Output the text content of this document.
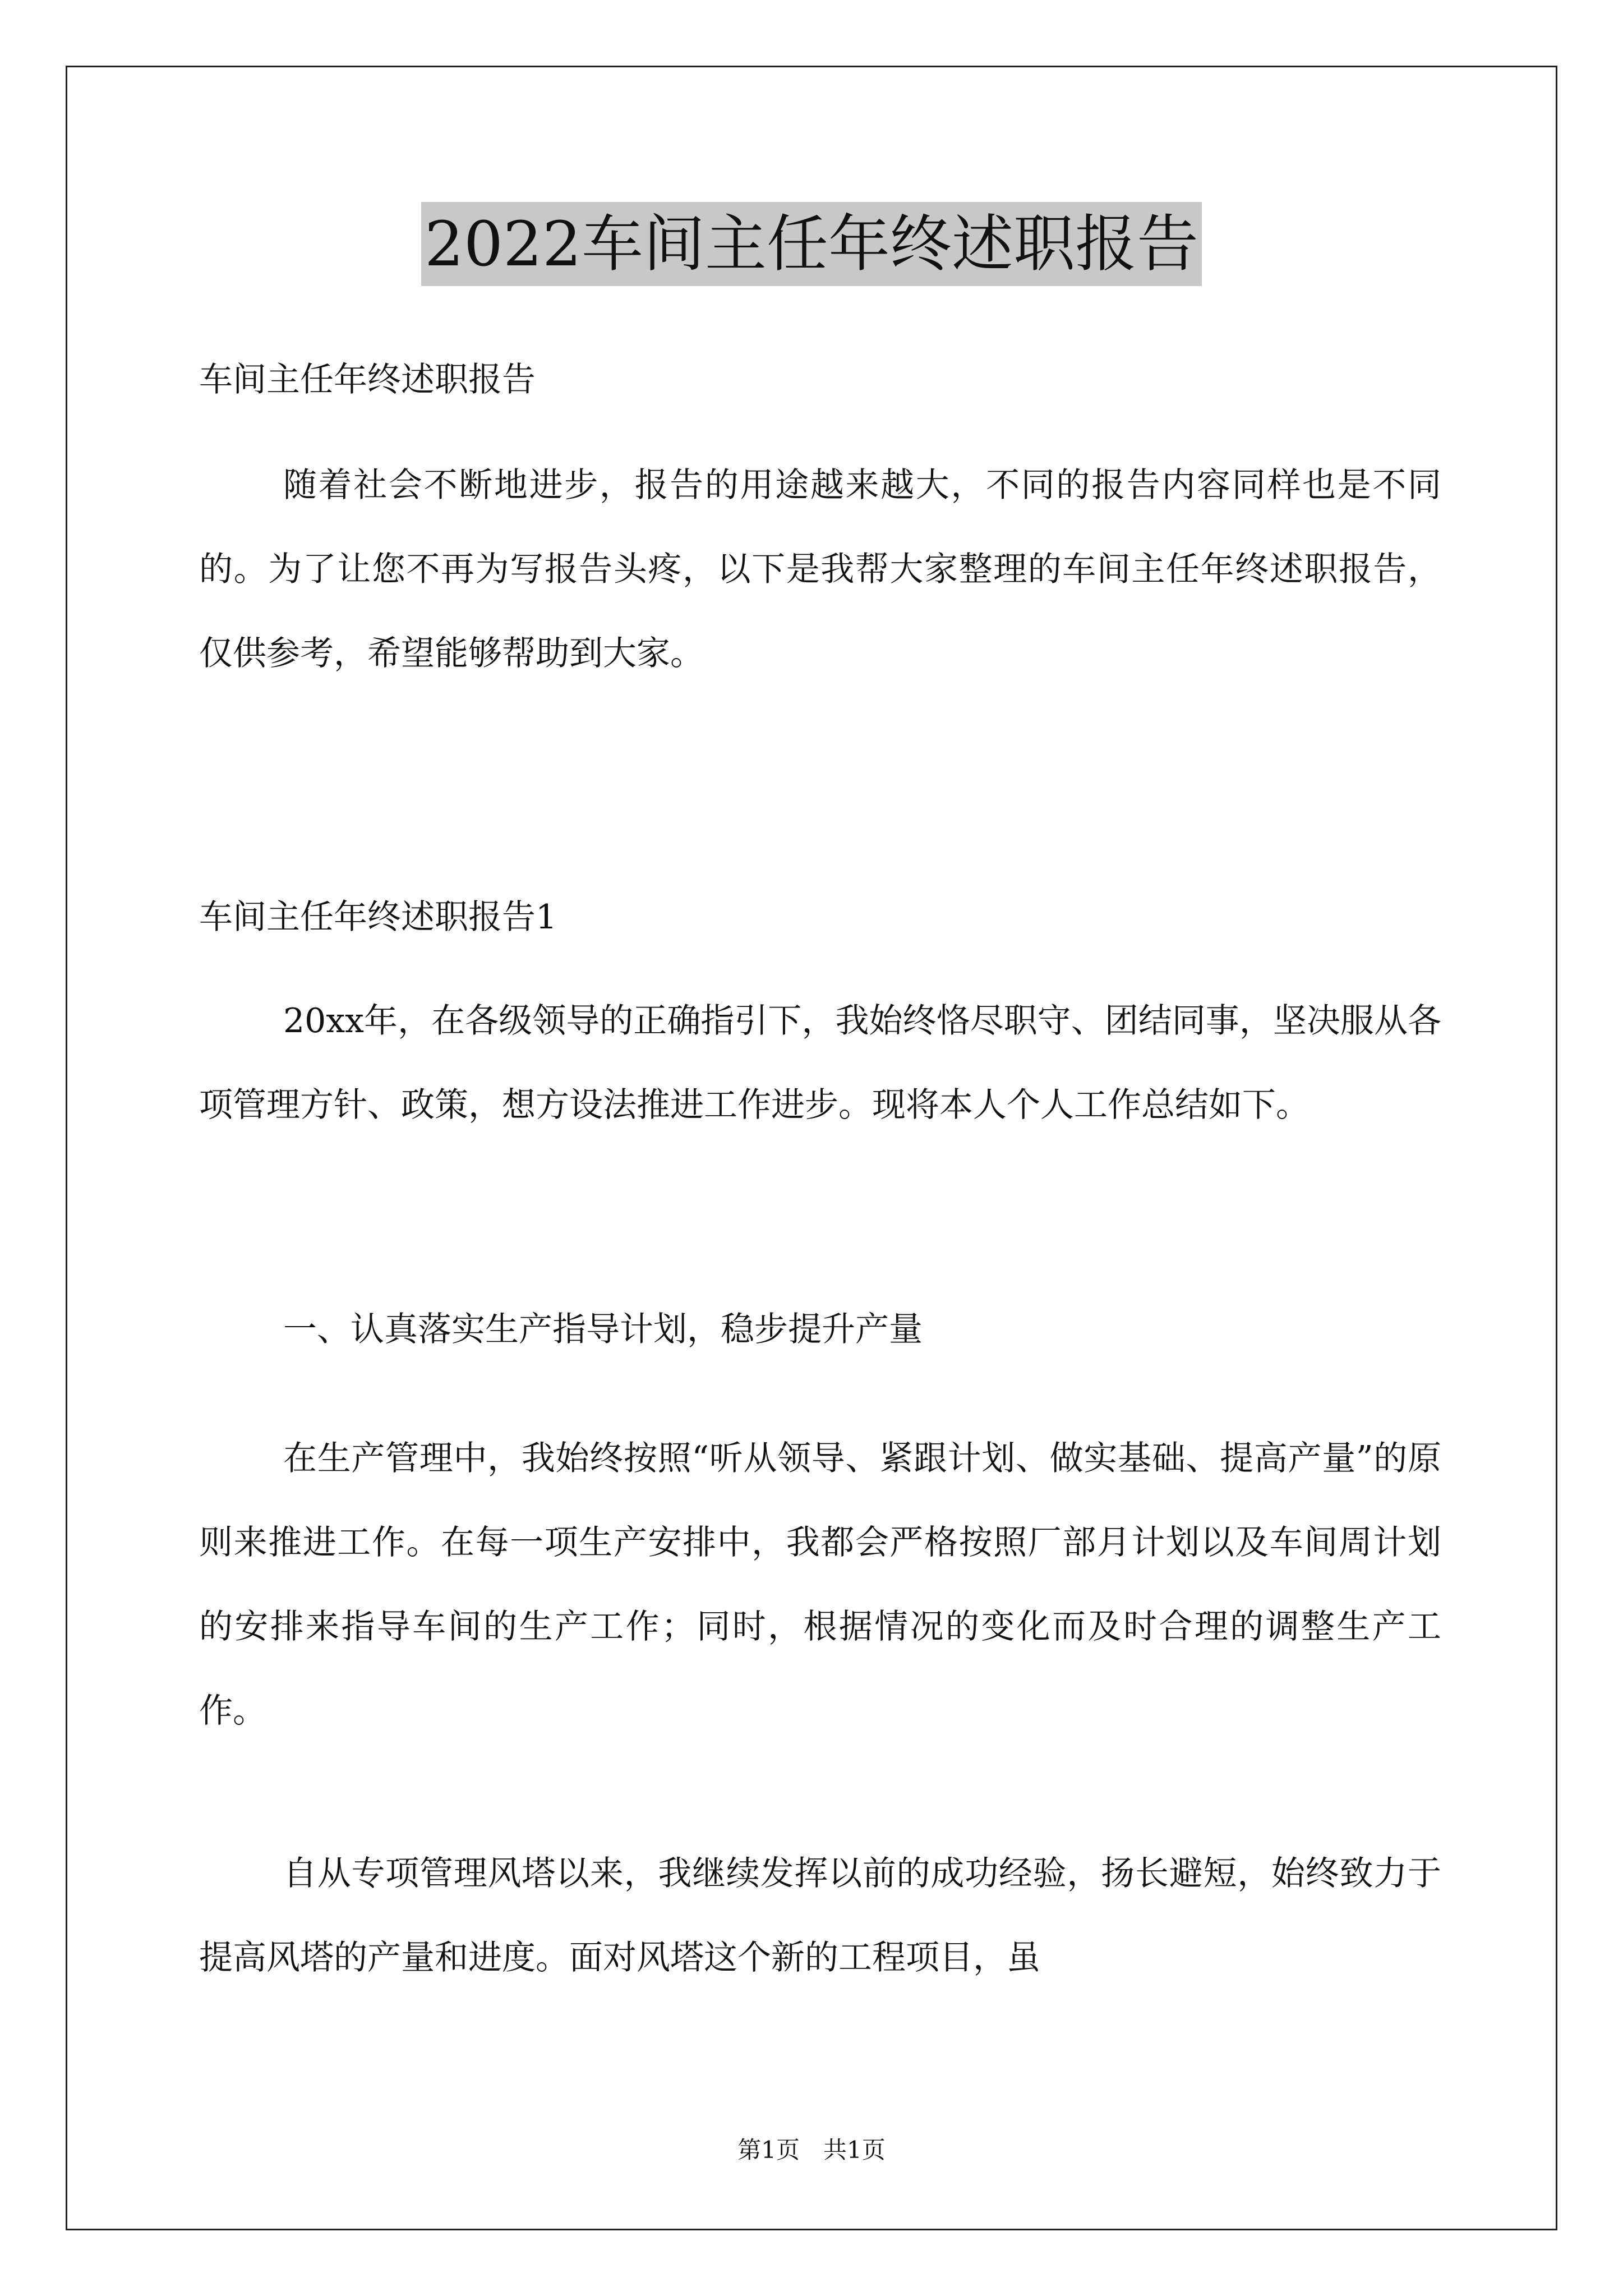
2022车间主任年终述职报告
车间主任年终述职报告
随着社会不断地进步，报告的用途越来越大，不同的报告内容同样也是不同的。为了让您不再为写报告头疼，以下是我帮大家整理的车间主任年终述职报告，仅供参考，希望能够帮助到大家。
车间主任年终述职报告1
20xx年，在各级领导的正确指引下，我始终恪尽职守、团结同事，坚决服从各项管理方针、政策，想方设法推进工作进步。现将本人个人工作总结如下。
一、认真落实生产指导计划，稳步提升产量
在生产管理中，我始终按照“听从领导、紧跟计划、做实基础、提高产量”的原则来推进工作。在每一项生产安排中，我都会严格按照厂部月计划以及车间周计划的安排来指导车间的生产工作；同时，根据情况的变化而及时合理的调整生产工作。
自从专项管理风塔以来，我继续发挥以前的成功经验，扬长避短，始终致力于提高风塔的产量和进度。面对风塔这个新的工程项目，虽
第1页　共1页
